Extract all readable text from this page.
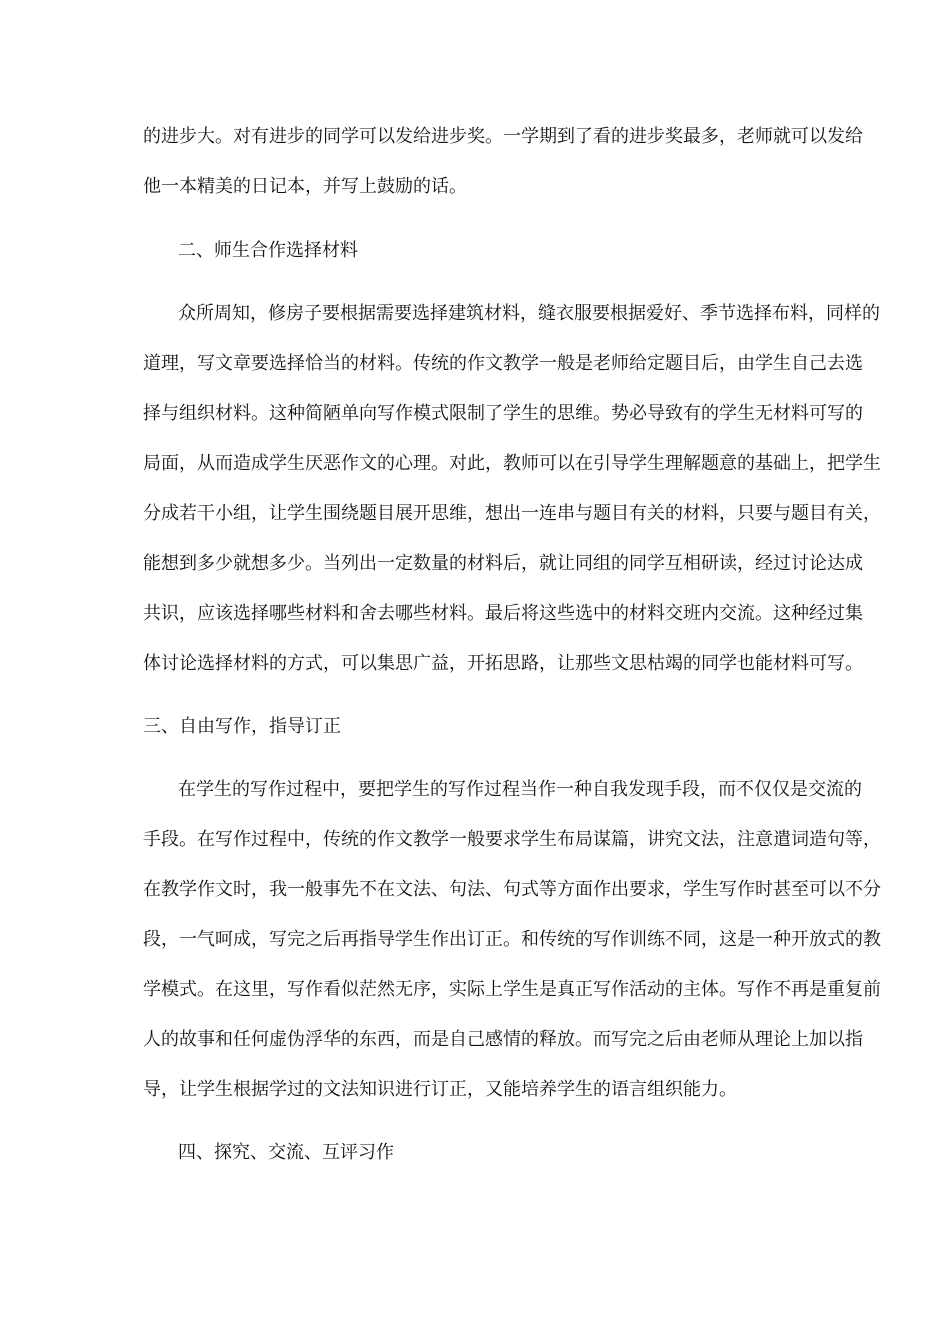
的进步大。对有进步的同学可以发给进步奖。一学期到了看的进步奖最多，老师就可以发给
他一本精美的日记本，并写上鼓励的话。
二、师生合作选择材料
众所周知，修房子要根据需要选择建筑材料，缝衣服要根据爱好、季节选择布料，同样的
道理，写文章要选择恰当的材料。传统的作文教学一般是老师给定题目后，由学生自己去选
择与组织材料。这种简陋单向写作模式限制了学生的思维。势必导致有的学生无材料可写的
局面，从而造成学生厌恶作文的心理。对此，教师可以在引导学生理解题意的基础上，把学生
分成若干小组，让学生围绕题目展开思维，想出一连串与题目有关的材料，只要与题目有关，
能想到多少就想多少。当列出一定数量的材料后，就让同组的同学互相研读，经过讨论达成
共识，应该选择哪些材料和舍去哪些材料。最后将这些选中的材料交班内交流。这种经过集
体讨论选择材料的方式，可以集思广益，开拓思路，让那些文思枯竭的同学也能材料可写。
三、自由写作，指导订正
在学生的写作过程中，要把学生的写作过程当作一种自我发现手段，而不仅仅是交流的
手段。在写作过程中，传统的作文教学一般要求学生布局谋篇，讲究文法，注意遣词造句等，
在教学作文时，我一般事先不在文法、句法、句式等方面作出要求，学生写作时甚至可以不分
段，一气呵成，写完之后再指导学生作出订正。和传统的写作训练不同，这是一种开放式的教
学模式。在这里，写作看似茫然无序，实际上学生是真正写作活动的主体。写作不再是重复前
人的故事和任何虚伪浮华的东西，而是自己感情的释放。而写完之后由老师从理论上加以指
导，让学生根据学过的文法知识进行订正，又能培养学生的语言组织能力。
四、探究、交流、互评习作
